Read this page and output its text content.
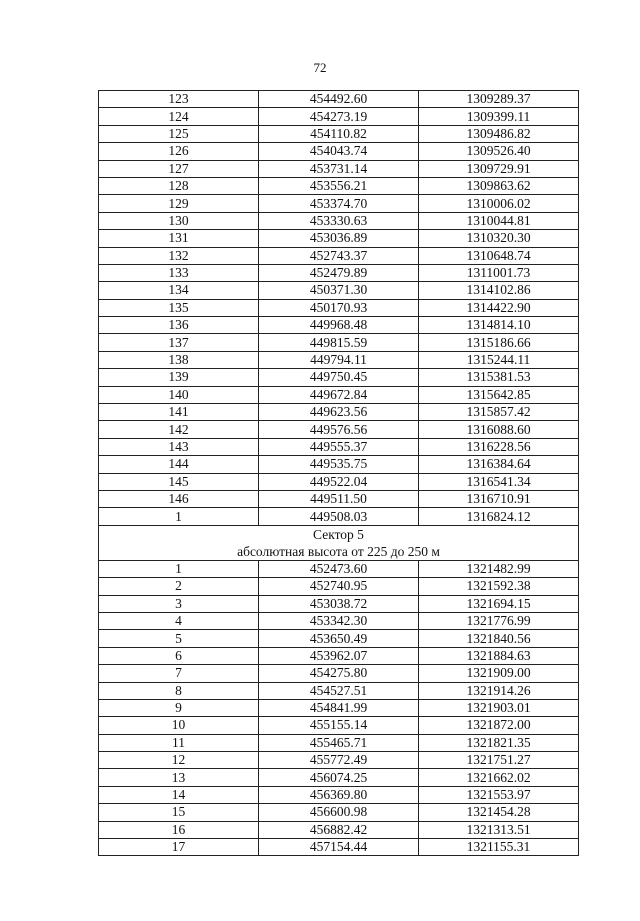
72
123	454492.60	1309289.37
124	454273.19	1309399.11
125	454110.82	1309486.82
126	454043.74	1309526.40
127	453731.14	1309729.91
128	453556.21	1309863.62
129	453374.70	1310006.02
130	453330.63	1310044.81
131	453036.89	1310320.30
132	452743.37	1310648.74
133	452479.89	1311001.73
134	450371.30	1314102.86
135	450170.93	1314422.90
136	449968.48	1314814.10
137	449815.59	1315186.66
138	449794.11	1315244.11
139	449750.45	1315381.53
140	449672.84	1315642.85
141	449623.56	1315857.42
142	449576.56	1316088.60
143	449555.37	1316228.56
144	449535.75	1316384.64
145	449522.04	1316541.34
146	449511.50	1316710.91
1	449508.03	1316824.12

Сектор 5
абсолютная высота от 225 до 250 м		

1	452473.60	1321482.99
2	452740.95	1321592.38
3	453038.72	1321694.15
4	453342.30	1321776.99
5	453650.49	1321840.56
6	453962.07	1321884.63
7	454275.80	1321909.00
8	454527.51	1321914.26
9	454841.99	1321903.01
10	455155.14	1321872.00
11	455465.71	1321821.35
12	455772.49	1321751.27
13	456074.25	1321662.02
14	456369.80	1321553.97
15	456600.98	1321454.28
16	456882.42	1321313.51
17	457154.44	1321155.31
